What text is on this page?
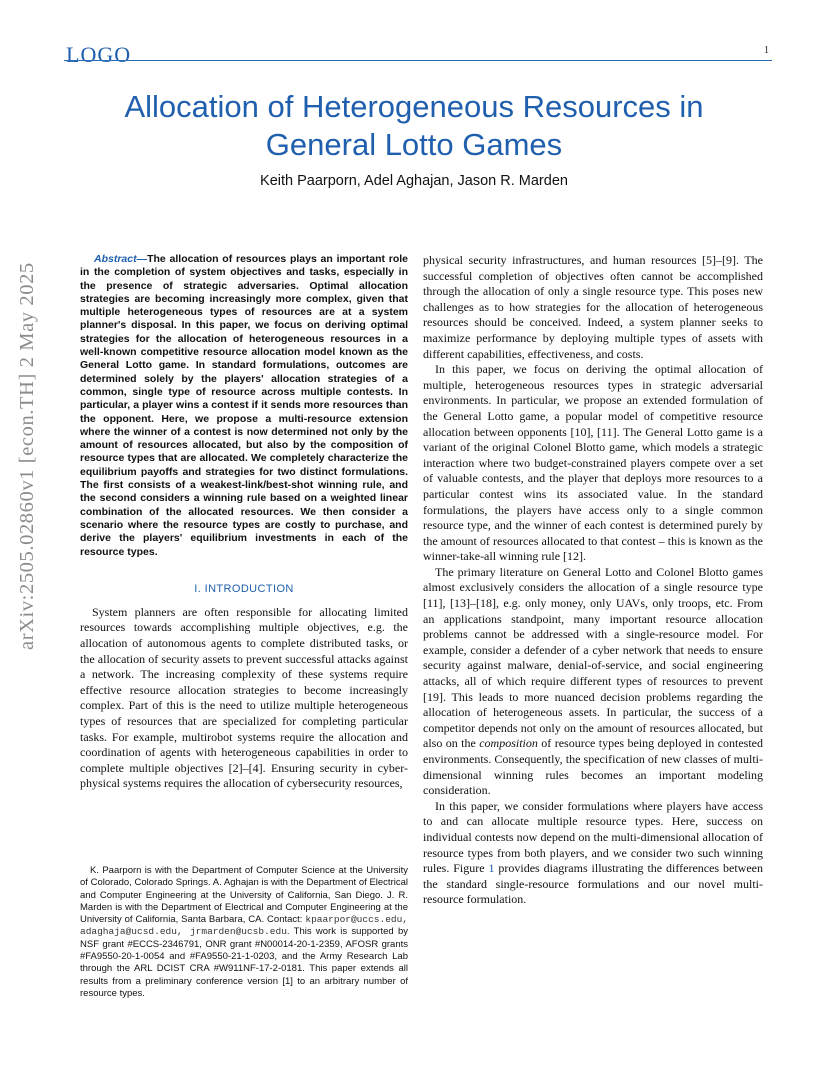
LOGO	1
Allocation of Heterogeneous Resources in
General Lotto Games
Keith Paarporn, Adel Aghajan, Jason R. Marden
arXiv:2505.02860v1 [econ.TH] 2 May 2025

Abstract—The allocation of resources plays an important role in the completion of system objectives and tasks, especially in the presence of strategic adversaries. Optimal allocation strategies are becoming increasingly more complex, given that multiple heterogeneous types of resources are at a system planner's disposal. In this paper, we focus on deriving optimal strategies for the allocation of heterogeneous resources in a well-known competitive resource allocation model known as the General Lotto game. In standard formulations, outcomes are determined solely by the players' allocation strategies of a common, single type of resource across multiple contests. In particular, a player wins a contest if it sends more resources than the opponent. Here, we propose a multi-resource extension where the winner of a contest is now determined not only by the amount of resources allocated, but also by the composition of resource types that are allocated. We completely characterize the equilibrium payoffs and strategies for two distinct formulations. The first consists of a weakest-link/best-shot winning rule, and the second considers a winning rule based on a weighted linear combination of the allocated resources. We then consider a scenario where the resource types are costly to purchase, and derive the players' equilibrium investments in each of the resource types.

I. INTRODUCTION

System planners are often responsible for allocating limited resources towards accomplishing multiple objectives, e.g. the allocation of autonomous agents to complete distributed tasks, or the allocation of security assets to prevent successful attacks against a network. The increasing complexity of these systems require effective resource allocation strategies to become increasingly complex. Part of this is the need to utilize multiple heterogeneous types of resources that are specialized for completing particular tasks. For example, multirobot systems require the allocation and coordination of agents with heterogeneous capabilities in order to complete multiple objectives [2]–[4]. Ensuring security in cyber-physical systems requires the allocation of cybersecurity resources,

K. Paarporn is with the Department of Computer Science at the University of Colorado, Colorado Springs. A. Aghajan is with the Department of Electrical and Computer Engineering at the University of California, San Diego. J. R. Marden is with the Department of Electrical and Computer Engineering at the University of California, Santa Barbara, CA. Contact: kpaarpor@uccs.edu, adaghaja@ucsd.edu, jrmarden@ucsb.edu. This work is supported by NSF grant #ECCS-2346791, ONR grant #N00014-20-1-2359, AFOSR grants #FA9550-20-1-0054 and #FA9550-21-1-0203, and the Army Research Lab through the ARL DCIST CRA #W911NF-17-2-0181. This paper extends all results from a preliminary conference version [1] to an arbitrary number of resource types.

physical security infrastructures, and human resources [5]–[9]. The successful completion of objectives often cannot be accomplished through the allocation of only a single resource type. This poses new challenges as to how strategies for the allocation of heterogeneous resources should be conceived. Indeed, a system planner seeks to maximize performance by deploying multiple types of assets with different capabilities, effectiveness, and costs.

In this paper, we focus on deriving the optimal allocation of multiple, heterogeneous resources types in strategic adversarial environments. In particular, we propose an extended formulation of the General Lotto game, a popular model of competitive resource allocation between opponents [10], [11]. The General Lotto game is a variant of the original Colonel Blotto game, which models a strategic interaction where two budget-constrained players compete over a set of valuable contests, and the player that deploys more resources to a particular contest wins its associated value. In the standard formulations, the players have access only to a single common resource type, and the winner of each contest is determined purely by the amount of resources allocated to that contest – this is known as the winner-take-all winning rule [12].

The primary literature on General Lotto and Colonel Blotto games almost exclusively considers the allocation of a single resource type [11], [13]–[18], e.g. only money, only UAVs, only troops, etc. From an applications standpoint, many important resource allocation problems cannot be addressed with a single-resource model. For example, consider a defender of a cyber network that needs to ensure security against malware, denial-of-service, and social engineering attacks, all of which require different types of resources to prevent [19]. This leads to more nuanced decision problems regarding the allocation of heterogeneous assets. In particular, the success of a competitor depends not only on the amount of resources allocated, but also on the composition of resource types being deployed in contested environments. Consequently, the specification of new classes of multi-dimensional winning rules becomes an important modeling consideration.

In this paper, we consider formulations where players have access to and can allocate multiple resource types. Here, success on individual contests now depend on the multi-dimensional allocation of resource types from both players, and we consider two such winning rules. Figure 1 provides diagrams illustrating the differences between the standard single-resource formulations and our novel multi-resource formulation.
